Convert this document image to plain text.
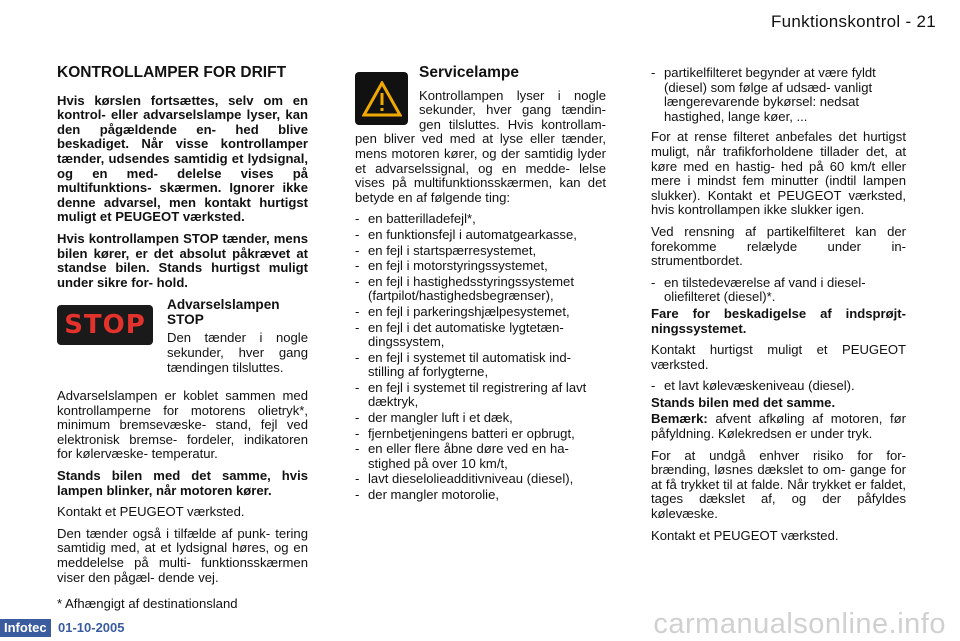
Funktionskontrol - 21
KONTROLLAMPER FOR DRIFT

Hvis kørslen fortsættes, selv om en kontrol- eller advarselslampe lyser, kan den pågældende en- hed blive beskadiget. Når visse kontrollamper tænder, udsendes samtidig et lydsignal, og en med- delelse vises på multifunktions- skærmen. Ignorer ikke denne advarsel, men kontakt hurtigst muligt et PEUGEOT værksted.

Hvis kontrollampen STOP tænder, mens bilen kører, er det absolut påkrævet at standse bilen. Stands hurtigst muligt under sikre for- hold.

STOP
Advarselslampen
STOP

Den tænder i nogle sekunder, hver gang tændingen tilsluttes.

Advarselslampen er koblet sammen med kontrollamperne for motorens olietryk*, minimum bremsevæske- stand, fejl ved elektronisk bremse- fordeler, indikatoren for kølervæske- temperatur.

Stands bilen med det samme, hvis lampen blinker, når motoren kører.

Kontakt et PEUGEOT værksted.

Den tænder også i tilfælde af punk- tering samtidig med, at et lydsignal høres, og en meddelelse på multi- funktionsskærmen viser den pågæl- dende vej.

* Afhængigt af destinationsland

Servicelampe

Kontrollampen lyser i nogle sekunder, hver gang tændin- gen tilsluttes. Hvis kontrollam- pen bliver ved med at lyse eller tænder, mens motoren kører, og der samtidig lyder et advarselssignal, og en medde- lelse vises på multifunktionsskærmen, kan det betyde en af følgende ting:

- en batterilladefejl*,
- en funktionsfejl i automatgearkasse,
- en fejl i startspærresystemet,
- en fejl i motorstyringssystemet,
- en fejl i hastighedsstyringssystemet (fartpilot/hastighedsbegrænser),
- en fejl i parkeringshjælpesystemet,
- en fejl i det automatiske lygtetæn- dingssystem,
- en fejl i systemet til automatisk ind- stilling af forlygterne,
- en fejl i systemet til registrering af lavt dæktryk,
- der mangler luft i et dæk,
- fjernbetjeningens batteri er opbrugt,
- en eller flere åbne døre ved en ha- stighed på over 10 km/t,
- lavt dieselolieadditivniveau (diesel),
- der mangler motorolie,
- partikelfilteret begynder at være fyldt (diesel) som følge af udsæd- vanligt længerevarende bykørsel: nedsat hastighed, lange køer, ...

For at rense filteret anbefales det hurtigst muligt, når trafikforholdene tillader det, at køre med en hastig- hed på 60 km/t eller mere i mindst fem minutter (indtil lampen slukker). Kontakt et PEUGEOT værksted, hvis kontrollampen ikke slukker igen.

Ved rensning af partikelfilteret kan der forekomme relælyde under in- strumentbordet.

- en tilstedeværelse af vand i diesel- oliefilteret (diesel)*.

Fare for beskadigelse af indsprøjt- ningssystemet.

Kontakt hurtigst muligt et PEUGEOT værksted.

- et lavt kølevæskeniveau (diesel).

Stands bilen med det samme.

Bemærk: afvent afkøling af motoren, før påfyldning. Kølekredsen er under tryk.

For at undgå enhver risiko for for- brænding, løsnes dækslet to om- gange for at få trykket til at falde. Når trykket er faldet, tages dækslet af, og der påfyldes kølevæske.

Kontakt et PEUGEOT værksted.

Infotec 01-10-2005	carmanualsonline.info
